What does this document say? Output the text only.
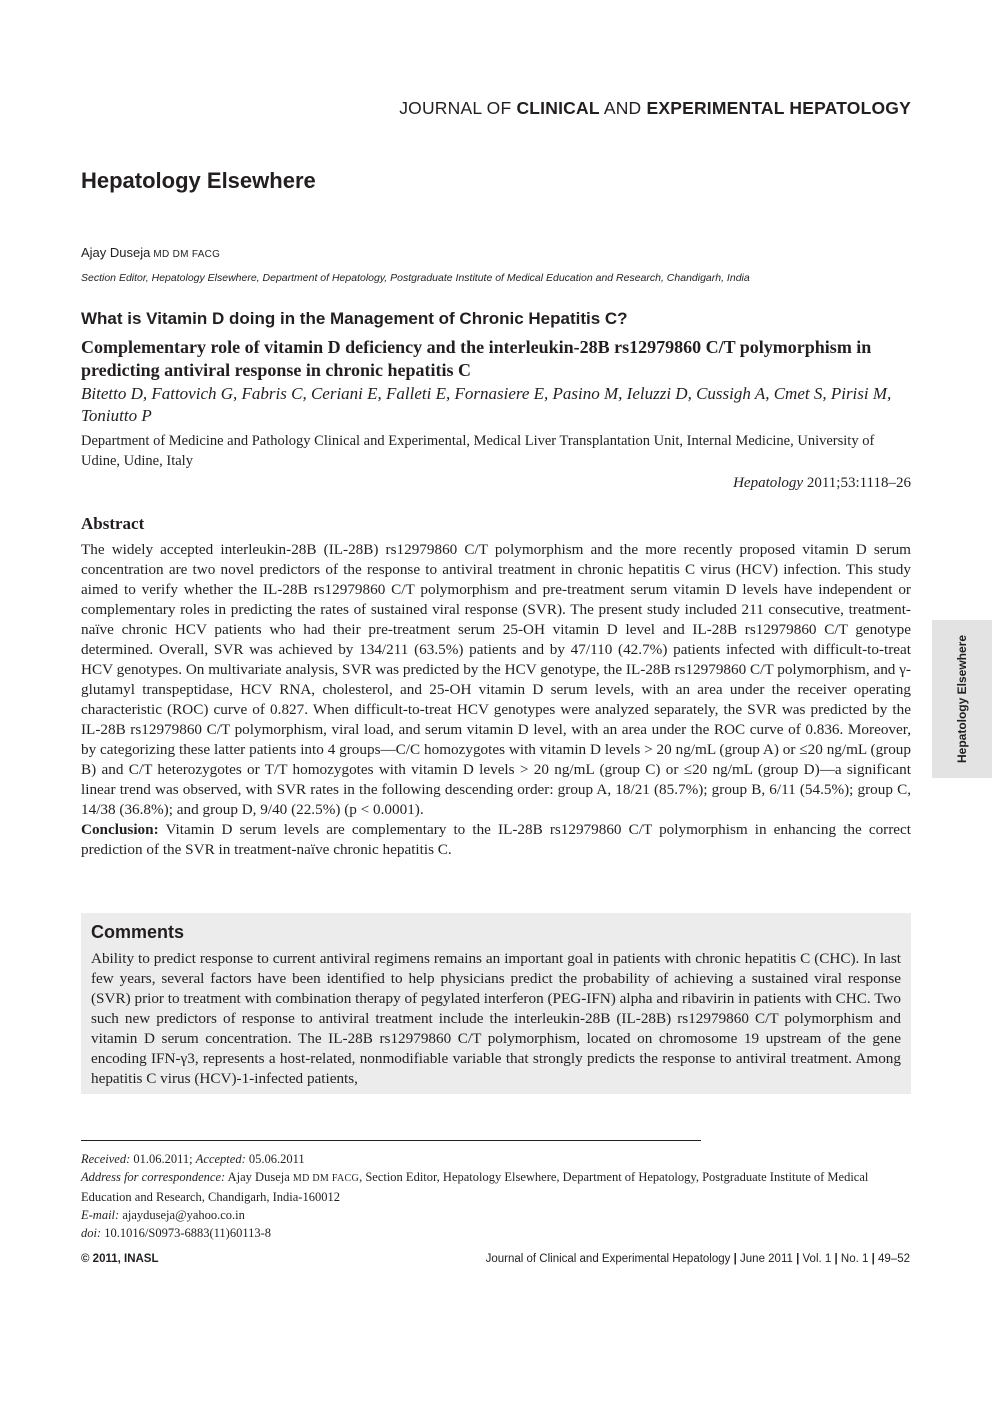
JOURNAL OF CLINICAL AND EXPERIMENTAL HEPATOLOGY
Hepatology Elsewhere
Ajay Duseja MD DM FACG
Section Editor, Hepatology Elsewhere, Department of Hepatology, Postgraduate Institute of Medical Education and Research, Chandigarh, India
What is Vitamin D doing in the Management of Chronic Hepatitis C?
Complementary role of vitamin D deficiency and the interleukin-28B rs12979860 C/T polymorphism in predicting antiviral response in chronic hepatitis C
Bitetto D, Fattovich G, Fabris C, Ceriani E, Falleti E, Fornasiere E, Pasino M, Ieluzzi D, Cussigh A, Cmet S, Pirisi M, Toniutto P
Department of Medicine and Pathology Clinical and Experimental, Medical Liver Transplantation Unit, Internal Medicine, University of Udine, Udine, Italy
Hepatology 2011;53:1118–26
Abstract
The widely accepted interleukin-28B (IL-28B) rs12979860 C/T polymorphism and the more recently proposed vitamin D serum concentration are two novel predictors of the response to antiviral treatment in chronic hepatitis C virus (HCV) infection. This study aimed to verify whether the IL-28B rs12979860 C/T polymorphism and pre-treatment serum vitamin D levels have independent or complementary roles in predicting the rates of sustained viral response (SVR). The present study included 211 consecutive, treatment-naïve chronic HCV patients who had their pre-treatment serum 25-OH vitamin D level and IL-28B rs12979860 C/T genotype determined. Overall, SVR was achieved by 134/211 (63.5%) patients and by 47/110 (42.7%) patients infected with difficult-to-treat HCV genotypes. On multivariate analysis, SVR was predicted by the HCV genotype, the IL-28B rs12979860 C/T polymorphism, and γ-glutamyl transpeptidase, HCV RNA, cholesterol, and 25-OH vitamin D serum levels, with an area under the receiver operating characteristic (ROC) curve of 0.827. When difficult-to-treat HCV genotypes were analyzed separately, the SVR was predicted by the IL-28B rs12979860 C/T polymorphism, viral load, and serum vitamin D level, with an area under the ROC curve of 0.836. Moreover, by categorizing these latter patients into 4 groups—C/C homozygotes with vitamin D levels > 20 ng/mL (group A) or ≤20 ng/mL (group B) and C/T heterozygotes or T/T homozygotes with vitamin D levels > 20 ng/mL (group C) or ≤20 ng/mL (group D)—a significant linear trend was observed, with SVR rates in the following descending order: group A, 18/21 (85.7%); group B, 6/11 (54.5%); group C, 14/38 (36.8%); and group D, 9/40 (22.5%) (p < 0.0001).
Conclusion: Vitamin D serum levels are complementary to the IL-28B rs12979860 C/T polymorphism in enhancing the correct prediction of the SVR in treatment-naïve chronic hepatitis C.
Comments
Ability to predict response to current antiviral regimens remains an important goal in patients with chronic hepatitis C (CHC). In last few years, several factors have been identified to help physicians predict the probability of achieving a sustained viral response (SVR) prior to treatment with combination therapy of pegylated interferon (PEG-IFN) alpha and ribavirin in patients with CHC. Two such new predictors of response to antiviral treatment include the interleukin-28B (IL-28B) rs12979860 C/T polymorphism and vitamin D serum concentration. The IL-28B rs12979860 C/T polymorphism, located on chromosome 19 upstream of the gene encoding IFN-γ3, represents a host-related, nonmodifiable variable that strongly predicts the response to antiviral treatment. Among hepatitis C virus (HCV)-1-infected patients,
Hepatology Elsewhere
Received: 01.06.2011; Accepted: 05.06.2011
Address for correspondence: Ajay Duseja MD DM FACG, Section Editor, Hepatology Elsewhere, Department of Hepatology, Postgraduate Institute of Medical Education and Research, Chandigarh, India-160012
E-mail: ajayduseja@yahoo.co.in
doi: 10.1016/S0973-6883(11)60113-8
© 2011, INASL	Journal of Clinical and Experimental Hepatology | June 2011 | Vol. 1 | No. 1 | 49–52
